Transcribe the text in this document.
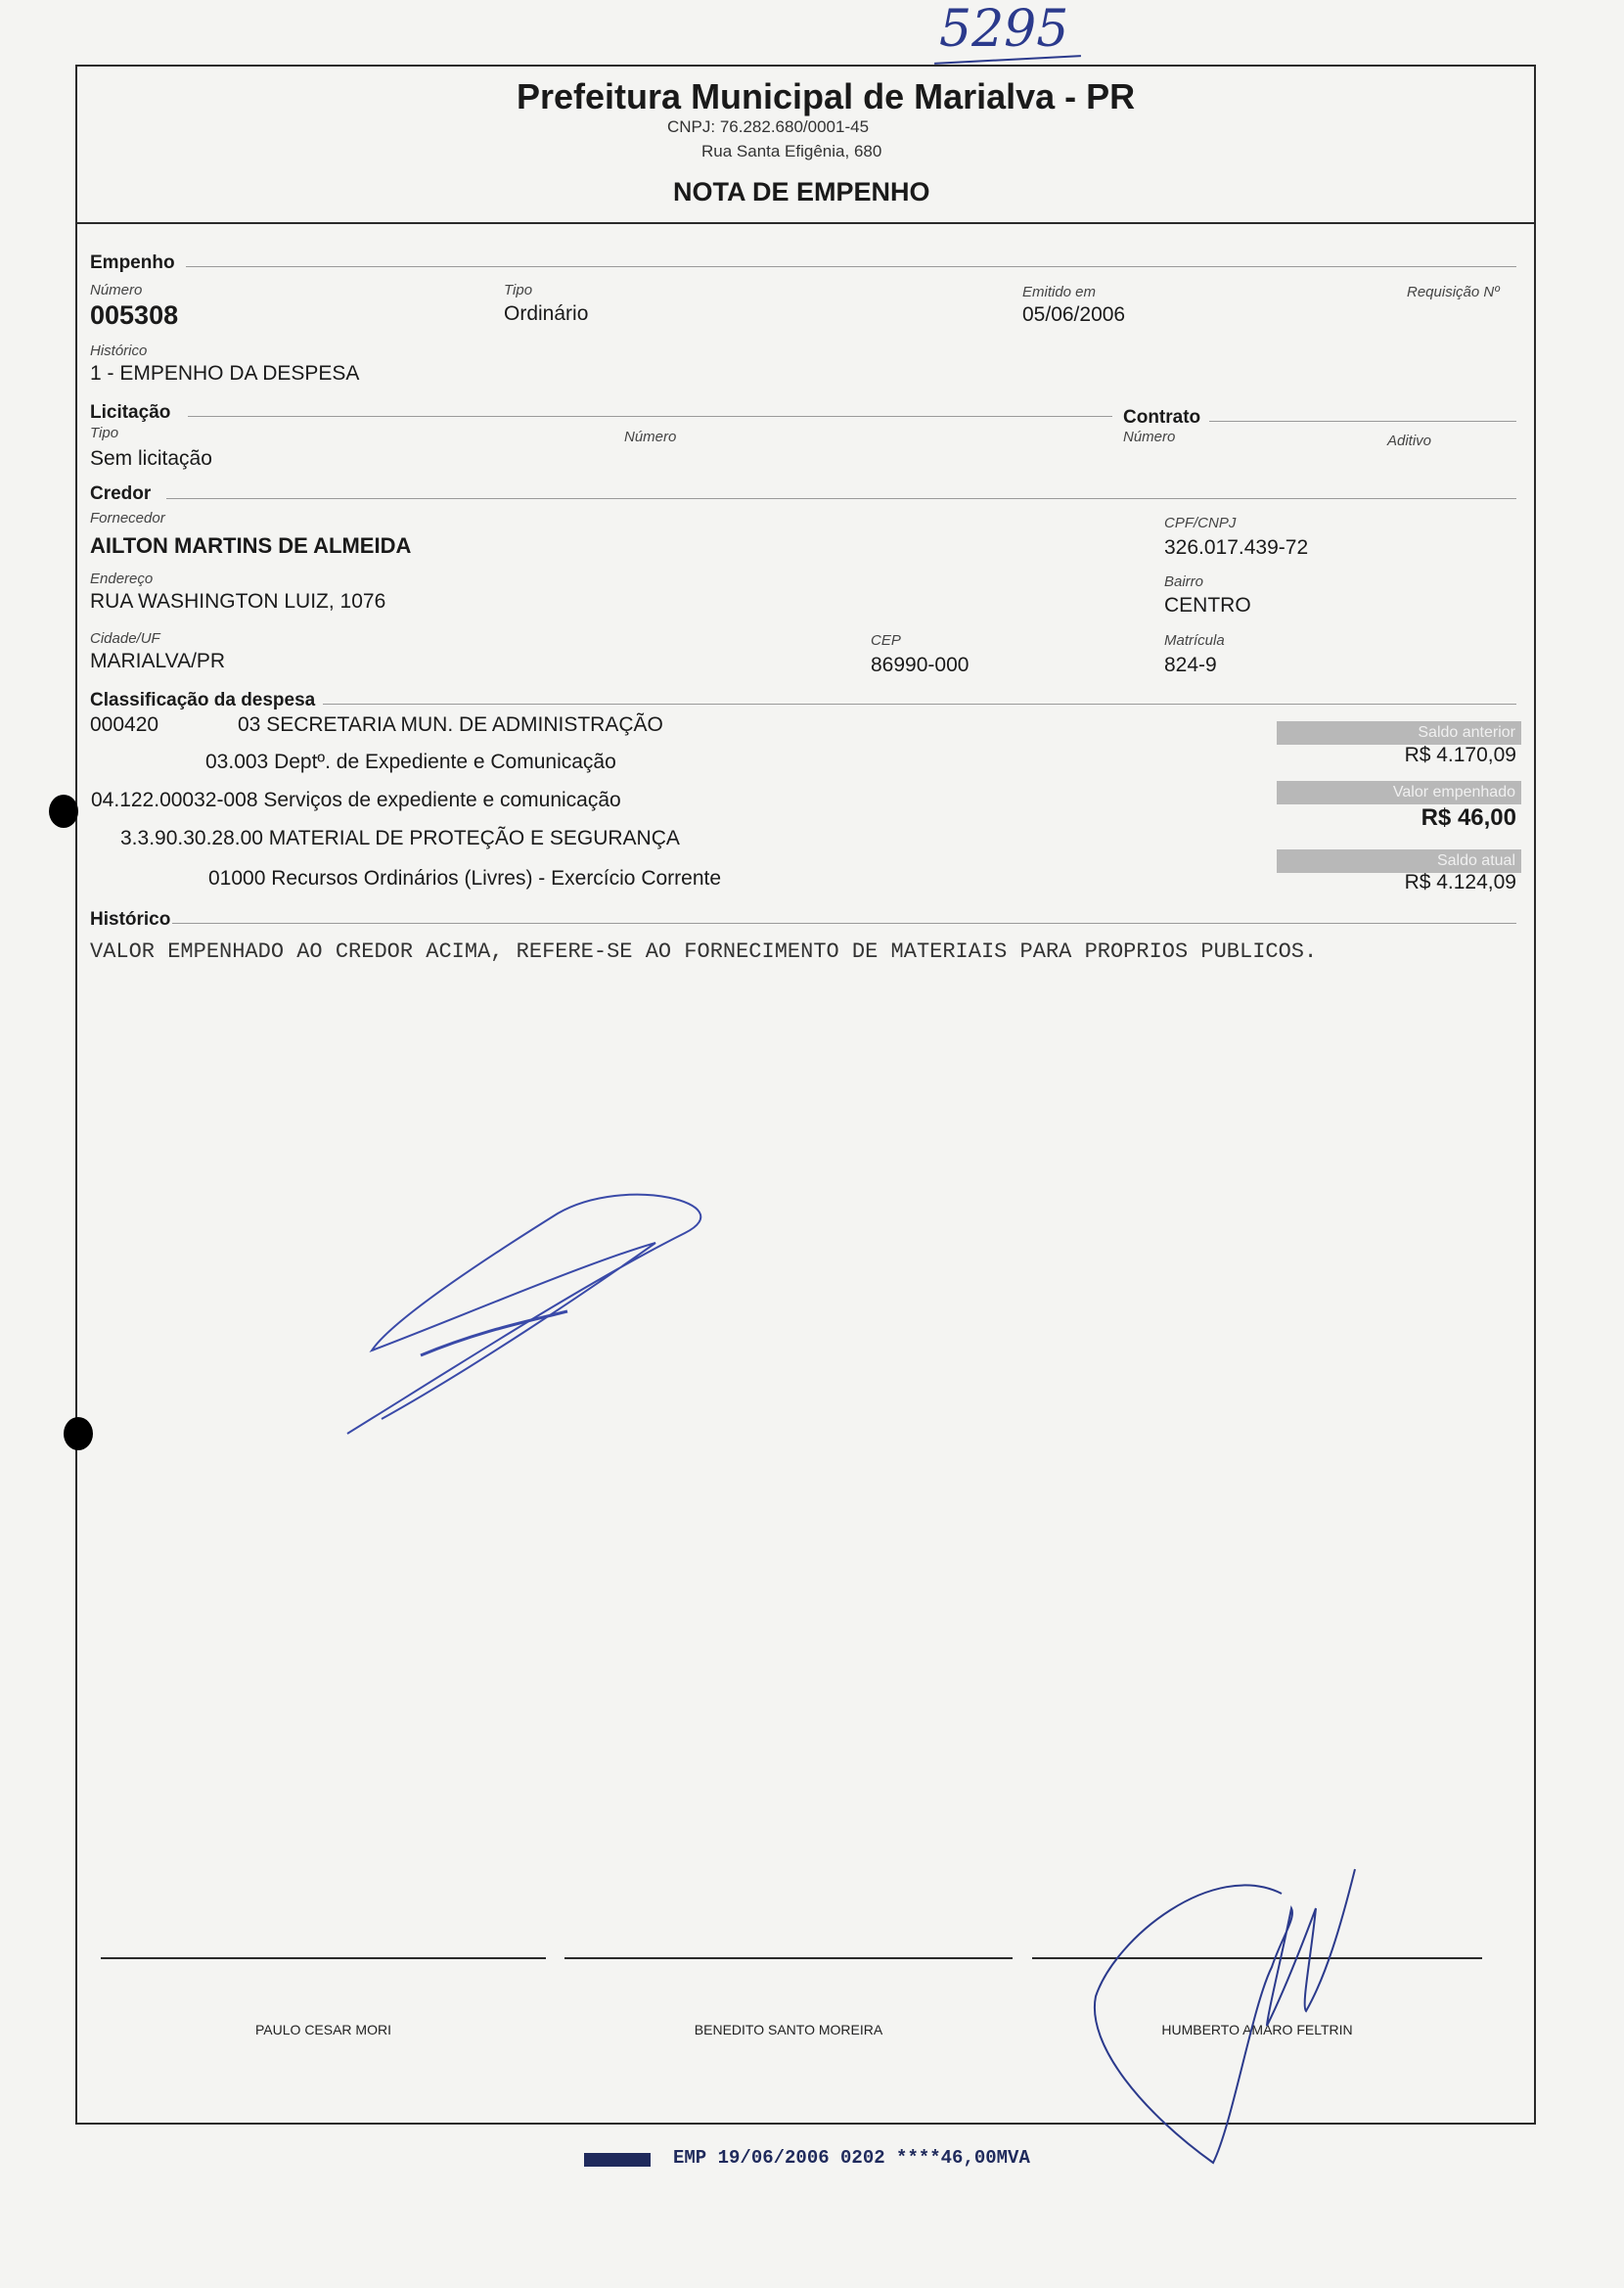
5295
Prefeitura Municipal de Marialva - PR
CNPJ: 76.282.680/0001-45
Rua Santa Efigênia, 680
NOTA DE EMPENHO
Empenho
Número
005308
Tipo
Ordinário
Emitido em
05/06/2006
Requisição Nº
Histórico
1 - EMPENHO DA DESPESA
Licitação
Tipo
Sem licitação
Número
Contrato
Número	Aditivo
Credor
Fornecedor
AILTON MARTINS DE ALMEIDA
CPF/CNPJ
326.017.439-72
Endereço
RUA WASHINGTON LUIZ, 1076
Bairro
CENTRO
Cidade/UF
MARIALVA/PR
CEP
86990-000
Matrícula
824-9
Classificação da despesa
000420	03 SECRETARIA MUN. DE ADMINISTRAÇÃO
03.003 Deptº. de Expediente e Comunicação
04.122.00032-008 Serviços de expediente e comunicação
3.3.90.30.28.00 MATERIAL DE PROTEÇÃO E SEGURANÇA
01000 Recursos Ordinários (Livres) - Exercício Corrente
Saldo anterior
R$ 4.170,09
Valor empenhado
R$ 46,00
Saldo atual
R$ 4.124,09
Histórico
VALOR EMPENHADO AO CREDOR ACIMA, REFERE-SE AO FORNECIMENTO DE MATERIAIS PARA PROPRIOS PUBLICOS.
PAULO CESAR MORI	BENEDITO SANTO MOREIRA	HUMBERTO AMARO FELTRIN
EMP 19/06/2006 0202 ****46,00MVA
